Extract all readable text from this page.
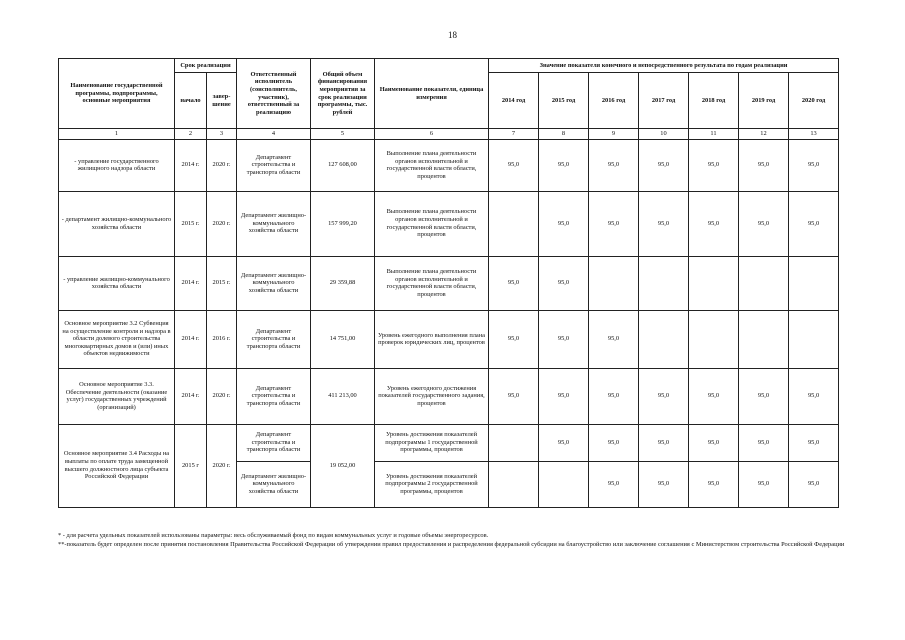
18
Наименование государственной программы, подпрограммы, основные мероприятия	Срок реализации		Ответственный исполнитель (соисполнитель, участник), ответственный за реализацию	Общий объем финансирования мероприятия за срок реализации программы, тыс. рублей	Наименование показателя, единица измерения	Значение показателя конечного и непосредственного результата по годам реализации						
	начало	завер-шение				2014 год	2015 год	2016 год	2017 год	2018 год	2019 год	2020 год
1	2	3	4	5	6	7	8	9	10	11	12	13
- управление государственного жилищного надзора области	2014 г.	2020 г.	Департамент строительства и транспорта области	127 608,00	Выполнение плана деятельности органов исполнительной и государственной власти области, процентов	95,0	95,0	95,0	95,0	95,0	95,0	95,0
- департамент жилищно-коммунального хозяйства области	2015 г.	2020 г.	Департамент жилищно-коммунального хозяйства области	157 999,20	Выполнение плана деятельности органов исполнительной и государственной власти области, процентов		95,0	95,0	95,0	95,0	95,0	95,0
- управление жилищно-коммунального хозяйства области	2014 г.	2015 г.	Департамент жилищно-коммунального хозяйства области	29 359,88	Выполнение плана деятельности органов исполнительной и государственной власти области, процентов	95,0	95,0					
Основное мероприятие 3.2 Субвенция на осуществление контроля и надзора в области долевого строительства многоквартирных домов и (или) иных объектов недвижимости	2014 г.	2016 г.	Департамент строительства и транспорта области	14 751,00	Уровень ежегодного выполнения плана проверок юридических лиц, процентов	95,0	95,0	95,0				
Основное мероприятие 3.3. Обеспечение деятельности (оказание услуг) государственных учреждений (организаций)	2014 г.	2020 г.	Департамент строительства и транспорта области	411 213,00	Уровень ежегодного достижения показателей государственного задания, процентов	95,0	95,0	95,0	95,0	95,0	95,0	95,0
Основное мероприятие 3.4 Расходы на выплаты по оплате труда замещенной высшего должностного лица субъекта Российской Федерации	2015 г	2020 г.	Департамент строительства и транспорта области	19 052,00	Уровень достижения показателей подпрограммы 1 государственной программы, процентов		95,0	95,0	95,0	95,0	95,0	95,0
			Департамент жилищно-коммунального хозяйства области		Уровень достижения показателей подпрограммы 2 государственной программы, процентов			95,0	95,0	95,0	95,0	95,0

* - для расчета удельных показателей использованы параметры: весь обслуживаемый фонд по видам коммунальных услуг и годовые объемы энергоресурсов.

**-показатель будет определен после принятия постановления Правительства Российской Федерации об утверждении правил предоставления и распределения федеральной субсидии на благоустройство или заключение соглашения с Министерством строительства Российской Федерации
